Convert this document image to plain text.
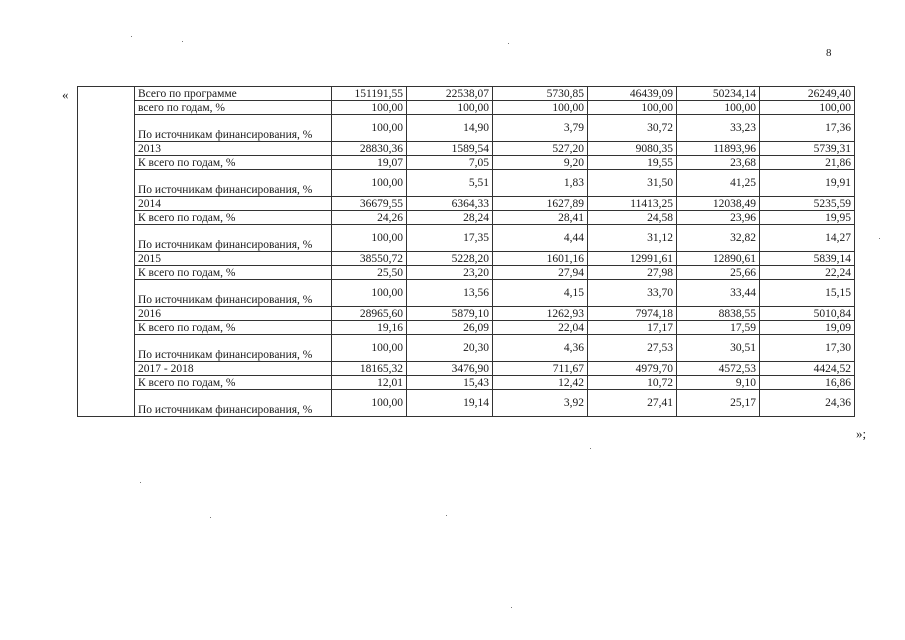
8
«
		Всего по программе	151191,55	22538,07	5730,85	46439,09	50234,14	26249,40
	всего по годам, %	100,00	100,00	100,00	100,00	100,00	100,00
	По источникам финансирования, %	100,00	14,90	3,79	30,72	33,23	17,36
	2013	28830,36	1589,54	527,20	9080,35	11893,96	5739,31
	К всего по годам, %	19,07	7,05	9,20	19,55	23,68	21,86
	По источникам финансирования, %	100,00	5,51	1,83	31,50	41,25	19,91
	2014	36679,55	6364,33	1627,89	11413,25	12038,49	5235,59
	К всего по годам, %	24,26	28,24	28,41	24,58	23,96	19,95
	По источникам финансирования, %	100,00	17,35	4,44	31,12	32,82	14,27
	2015	38550,72	5228,20	1601,16	12991,61	12890,61	5839,14
	К всего по годам, %	25,50	23,20	27,94	27,98	25,66	22,24
	По источникам финансирования, %	100,00	13,56	4,15	33,70	33,44	15,15
	2016	28965,60	5879,10	1262,93	7974,18	8838,55	5010,84
	К всего по годам, %	19,16	26,09	22,04	17,17	17,59	19,09
	По источникам финансирования, %	100,00	20,30	4,36	27,53	30,51	17,30
	2017 - 2018	18165,32	3476,90	711,67	4979,70	4572,53	4424,52
	К всего по годам, %	12,01	15,43	12,42	10,72	9,10	16,86
	По источникам финансирования, %	100,00	19,14	3,92	27,41	25,17	24,36
»;
